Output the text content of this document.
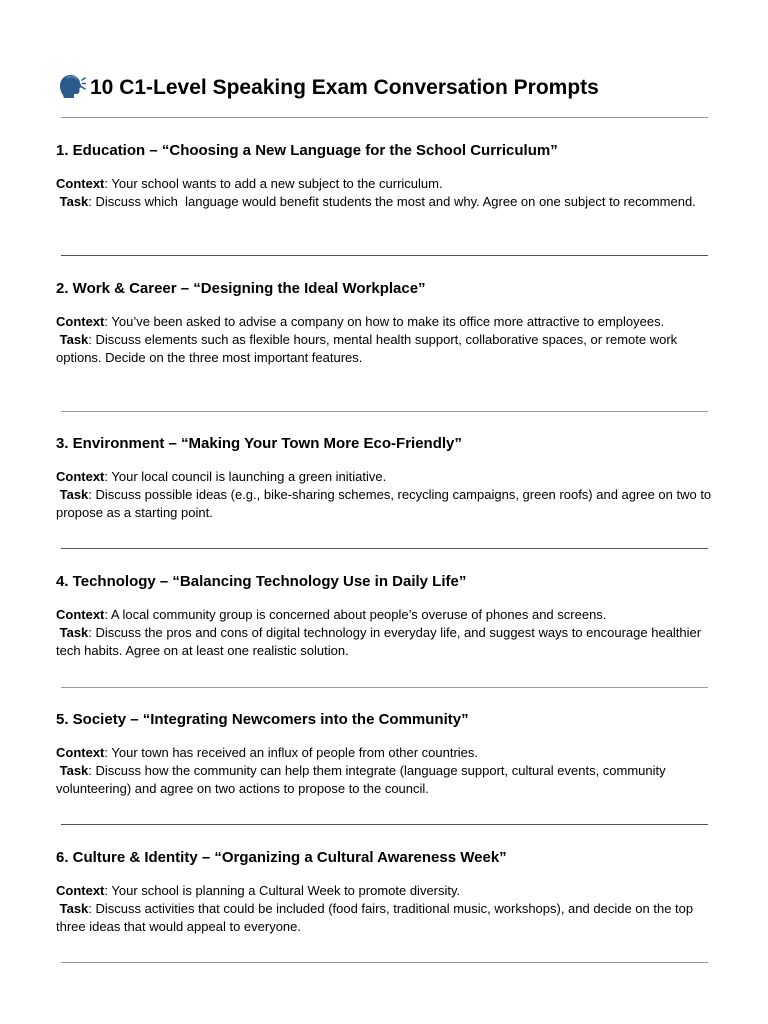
10 C1-Level Speaking Exam Conversation Prompts
1. Education – “Choosing a New Language for the School Curriculum”

Context: Your school wants to add a new subject to the curriculum.

Task: Discuss which  language would benefit students the most and why. Agree on one subject to recommend.

2. Work & Career – “Designing the Ideal Workplace”

Context: You’ve been asked to advise a company on how to make its office more attractive to employees.

Task: Discuss elements such as flexible hours, mental health support, collaborative spaces, or remote work options. Decide on the three most important features.

3. Environment – “Making Your Town More Eco-Friendly”

Context: Your local council is launching a green initiative.

Task: Discuss possible ideas (e.g., bike-sharing schemes, recycling campaigns, green roofs) and agree on two to propose as a starting point.

4. Technology – “Balancing Technology Use in Daily Life”

Context: A local community group is concerned about people’s overuse of phones and screens.

Task: Discuss the pros and cons of digital technology in everyday life, and suggest ways to encourage healthier tech habits. Agree on at least one realistic solution.

5. Society – “Integrating Newcomers into the Community”

Context: Your town has received an influx of people from other countries.

Task: Discuss how the community can help them integrate (language support, cultural events, community volunteering) and agree on two actions to propose to the council.

6. Culture & Identity – “Organizing a Cultural Awareness Week”

Context: Your school is planning a Cultural Week to promote diversity.

Task: Discuss activities that could be included (food fairs, traditional music, workshops), and decide on the top three ideas that would appeal to everyone.
